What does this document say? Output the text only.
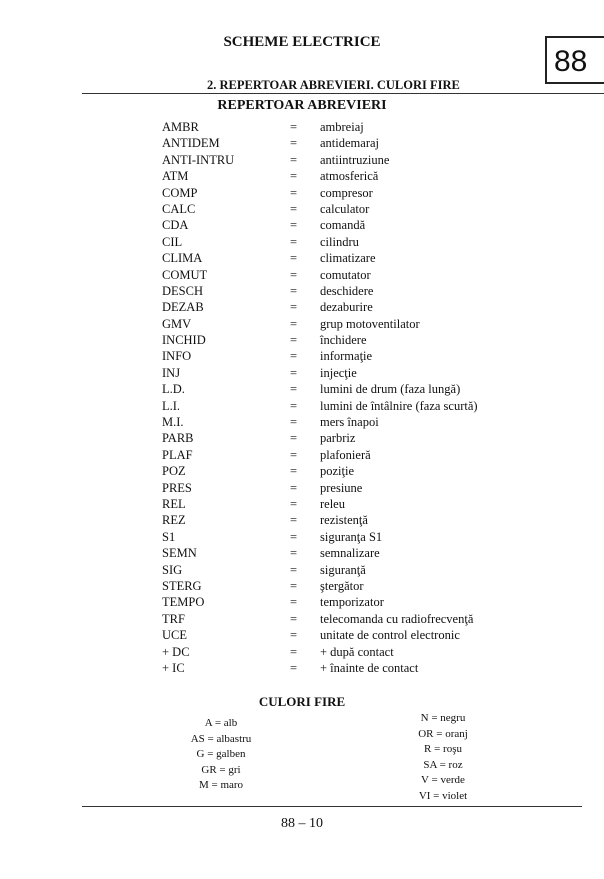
SCHEME ELECTRICE
88
2. REPERTOAR ABREVIERI. CULORI FIRE
REPERTOAR ABREVIERI
AMBR	= ambreiaj
ANTIDEM	= antidemaraj
ANTI-INTRU	= antiintruziune
ATM	= atmosferică
COMP	= compresor
CALC	= calculator
CDA	= comandă
CIL	= cilindru
CLIMA	= climatizare
COMUT	= comutator
DESCH	= deschidere
DEZAB	= dezaburire
GMV	= grup motoventilator
INCHID	= închidere
INFO	= informaţie
INJ	= injecţie
L.D.	= lumini de drum (faza lungă)
L.I.	= lumini de întâlnire (faza scurtă)
M.I.	= mers înapoi
PARB	= parbriz
PLAF	= plafonieră
POZ	= poziţie
PRES	= presiune
REL	= releu
REZ	= rezistenţă
S1	= siguranţa S1
SEMN	= semnalizare
SIG	= siguranţă
STERG	= ştergător
TEMPO	= temporizator
TRF	= telecomanda cu radiofrecvenţă
UCE	= unitate de control electronic
+ DC	= + după contact
+ IC	= + înainte de contact
CULORI FIRE
A = alb
AS = albastru
G = galben
GR = gri
M = maro
N = negru
OR = oranj
R = roşu
SA = roz
V = verde
VI = violet
88 – 10
